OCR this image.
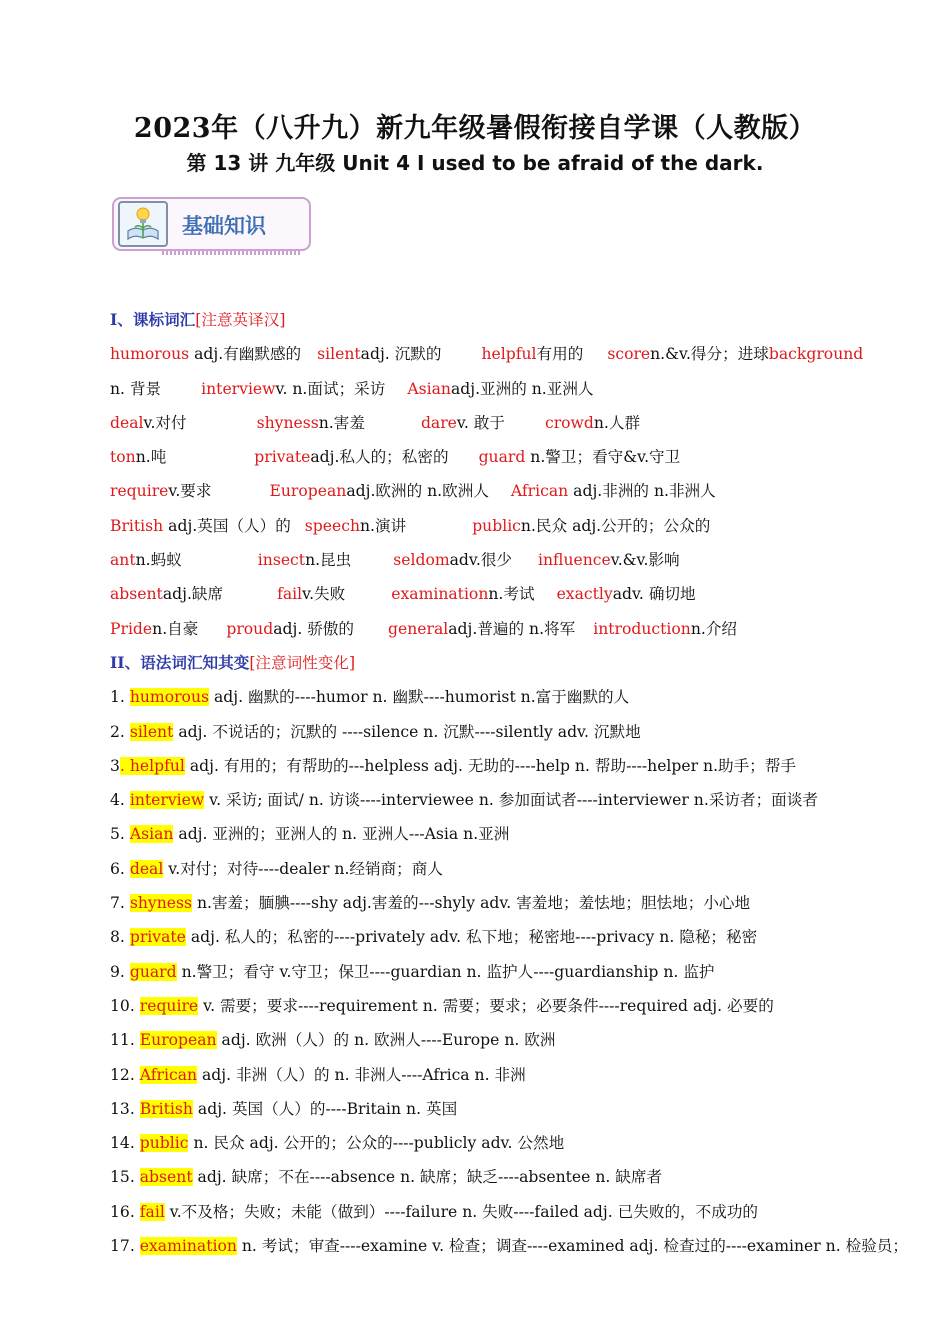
2023年（八升九）新九年级暑假衔接自学课（人教版）
第 13 讲 九年级 Unit 4 I used to be afraid of the dark.
基础知识
I、课标词汇[注意英译汉]
humorous adj.有幽默感的 silentadj. 沉默的	helpful有用的 scoren.&v.得分；进球background
n. 背景	interviewv. n.面试；采访 Asianadj.亚洲的 n.亚洲人
dealv.对付	shynessn.害羞	darev. 敢于	crowdn.人群
tonn.吨	privateadj.私人的；私密的 guard n.警卫；看守&v.守卫
requirev.要求	Europeanadj.欧洲的 n.欧洲人 African adj.非洲的 n.非洲人
British adj.英国（人）的 speechn.演讲	publicn.民众 adj.公开的；公众的
antn.蚂蚁	insectn.昆虫	seldomadv.很少 influencev.&v.影响
absentadj.缺席	failv.失败	examinationn.考试 exactlyadv. 确切地
Priden.自豪 proudadj. 骄傲的 generaladj.普遍的 n.将军 introductionn.介绍
II、语法词汇知其变[注意词性变化]
1. humorous adj. 幽默的----humor n. 幽默----humorist n.富于幽默的人
2. silent adj. 不说话的；沉默的 ----silence n. 沉默----silently adv. 沉默地
3. helpful adj. 有用的；有帮助的---helpless adj. 无助的----help n. 帮助----helper n.助手；帮手
4. interview v. 采访; 面试/ n. 访谈----interviewee n. 参加面试者----interviewer n.采访者；面谈者
5. Asian adj. 亚洲的；亚洲人的 n. 亚洲人---Asia n.亚洲
6. deal v.对付；对待----dealer n.经销商；商人
7. shyness n.害羞；腼腆----shy adj.害羞的---shyly adv. 害羞地；羞怯地；胆怯地；小心地
8. private adj. 私人的；私密的----privately adv. 私下地；秘密地----privacy n. 隐秘；秘密
9. guard n.警卫；看守 v.守卫；保卫----guardian n. 监护人----guardianship n. 监护
10. require v. 需要；要求----requirement n. 需要；要求；必要条件----required adj. 必要的
11. European adj. 欧洲（人）的 n. 欧洲人----Europe n. 欧洲
12. African adj. 非洲（人）的 n. 非洲人----Africa n. 非洲
13. British adj. 英国（人）的----Britain n. 英国
14. public n. 民众 adj. 公开的；公众的----publicly adv. 公然地
15. absent adj. 缺席；不在----absence n. 缺席；缺乏----absentee n. 缺席者
16. fail v.不及格；失败；未能（做到）----failure n. 失败----failed adj. 已失败的，不成功的
17. examination n. 考试；审查----examine v. 检查；调查----examined adj. 检查过的----examiner n. 检验员；
